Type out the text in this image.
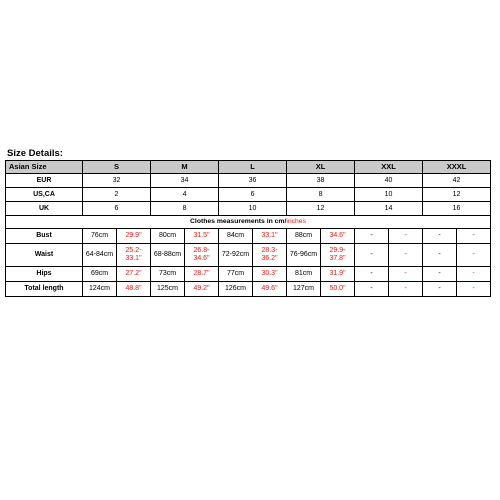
Size Details:
Asian Size	S		M		L		XL		XXL		XXXL	
EUR	32		34		36		38		40		42	
US,CA	2		4		6		8		10		12	
UK	6		8		10		12		14		16	
Clothes measurements in cm/inches												
Bust	76cm	29.9"	80cm	31.5"	84cm	33.1"	88cm	34.6"	-	-	-	-
Waist	64-84cm	25.2-33.1"	68-88cm	26.8-34.6"	72-92cm	28.3-36.2"	76-96cm	29.9-37.8"	-	-	-	-
Hips	69cm	27.2"	73cm	28.7"	77cm	30.3"	81cm	31.9"	-	-	-	-
Total length	124cm	48.8"	125cm	49.2"	126cm	49.6"	127cm	50.0"	-	-	-	-
